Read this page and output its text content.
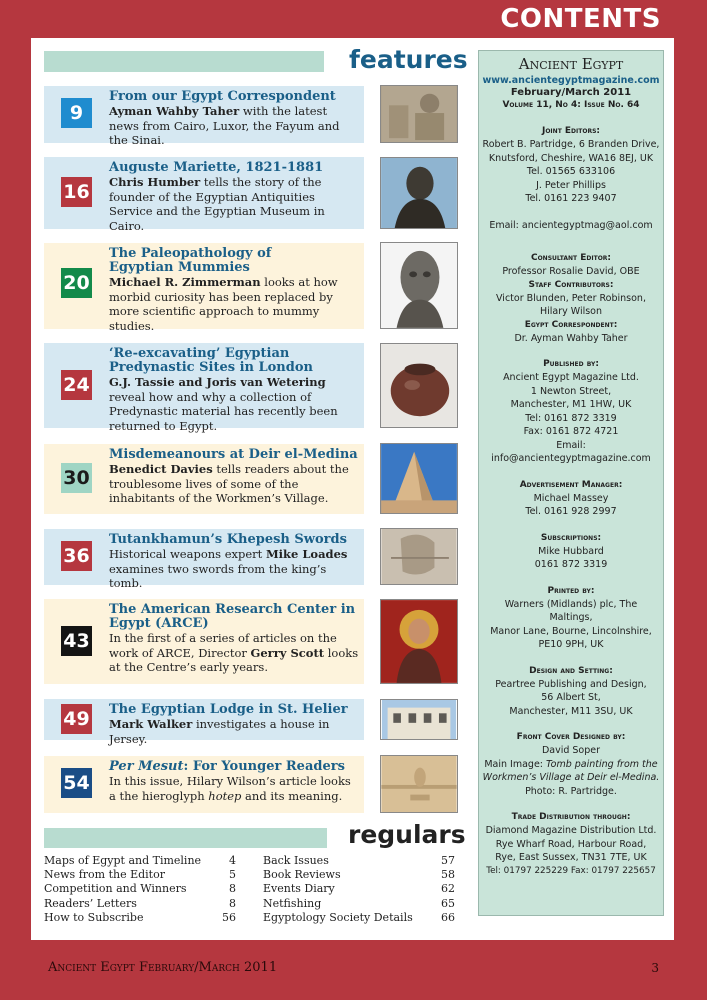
CONTENTS
features
regulars
9
From our Egypt Correspondent
Ayman Wahby Taher with the latest news from Cairo, Luxor, the Fayum and the Sinai.
16
Auguste Mariette, 1821-1881
Chris Humber tells the story of the founder of the Egyptian Antiquities Service and the Egyptian Museum in Cairo.
20
The Paleopathology of Egyptian Mummies
Michael R. Zimmerman looks at how morbid curiosity has been replaced by more scientific approach to mummy studies.
24
‘Re-excavating’ Egyptian Predynastic Sites in London
G.J. Tassie and Joris van Wetering reveal how and why a collection of Predynastic material has recently been returned to Egypt.
30
Misdemeanours at Deir el-Medina
Benedict Davies tells readers about the troublesome lives of some of the inhabitants of the Workmen’s Village.
36
Tutankhamun’s Khepesh Swords
Historical weapons expert Mike Loades examines two swords from the king’s tomb.
43
The American Research Center in Egypt (ARCE)
In the first of a series of articles on the work of ARCE, Director Gerry Scott looks at the Centre’s early years.
49 The Egyptian Lodge in St. Helier
Mark Walker investigates a house in Jersey.
54
Per Mesut: For Younger Readers
In this issue, Hilary Wilson’s article looks a the hieroglyph hotep and its meaning.
Maps of Egypt and Timeline	4
News from the Editor	5
Competition and Winners	8
Readers’ Letters	8
How to Subscribe	56
Back Issues	57
Book Reviews	58
Events Diary	62
Netfishing	65
Egyptology Society Details	66
Ancient Egypt
www.ancientegyptmagazine.com
February/March 2011
Volume 11, No 4: Issue No. 64
Joint Editors:
Robert B. Partridge, 6 Branden Drive,
Knutsford, Cheshire, WA16 8EJ, UK
Tel. 01565 633106
J. Peter Phillips
Tel. 0161 223 9407
Email: ancientegyptmag@aol.com
Consultant Editor:
Professor Rosalie David, OBE
Staff Contributors:
Victor Blunden, Peter Robinson,
Hilary Wilson
Egypt Correspondent:
Dr. Ayman Wahby Taher
Published by:
Ancient Egypt Magazine Ltd.
1 Newton Street,
Manchester, M1 1HW, UK
Tel: 0161 872 3319
Fax: 0161 872 4721
Email:
info@ancientegyptmagazine.com
Advertisement Manager:
Michael Massey
Tel. 0161 928 2997
Subscriptions:
Mike Hubbard
0161 872 3319
Printed by:
Warners (Midlands) plc, The
Maltings,
Manor Lane, Bourne, Lincolnshire,
PE10 9PH, UK
Design and Setting:
Peartree Publishing and Design,
56 Albert St,
Manchester, M11 3SU, UK
Front Cover Designed by:
David Soper
Main Image: Tomb painting from the Workmen’s Village at Deir el-Medina.
Photo: R. Partridge.
Trade Distribution through:
Diamond Magazine Distribution Ltd.
Rye Wharf Road, Harbour Road,
Rye, East Sussex, TN31 7TE, UK
Tel: 01797 225229 Fax: 01797 225657
Ancient Egypt February/March 2011	3
